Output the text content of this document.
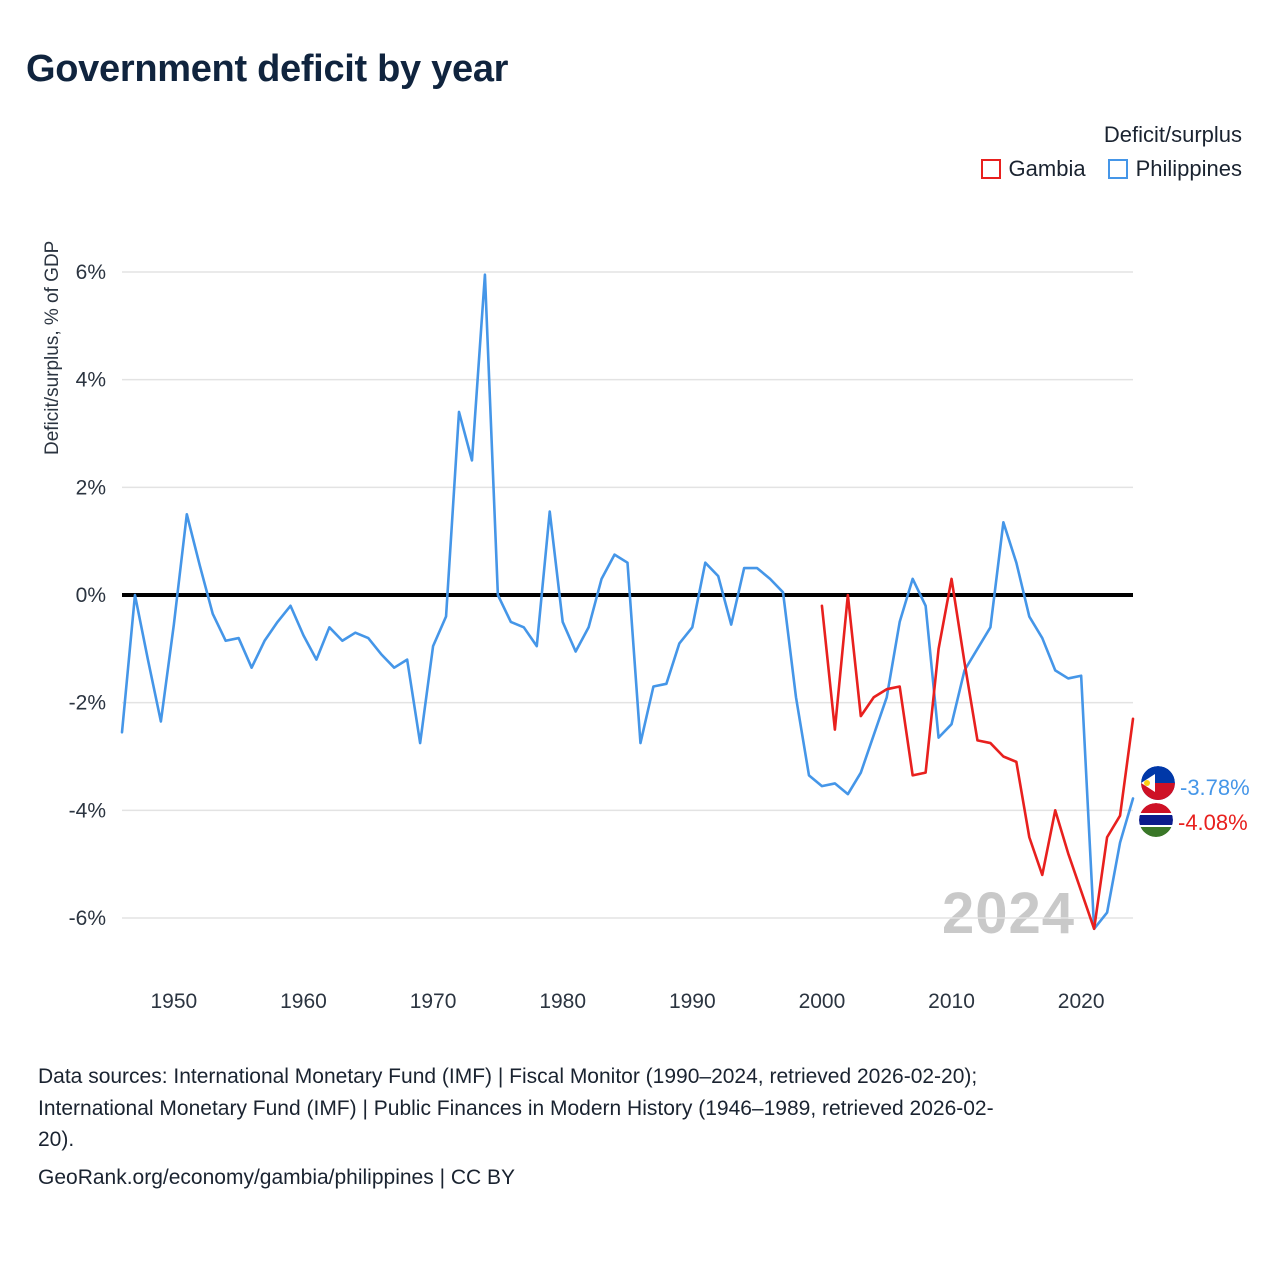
Government deficit by year
Deficit/surplus
Gambia Philippines
Deficit/surplus, % of GDP
2024
-6%
-4%
-2%
0%
2%
4%
6%
1950	1960	1970	1980	1990	2000	2010	2020
-3.78%
-4.08%
Data sources: International Monetary Fund (IMF) | Fiscal Monitor (1990–2024, retrieved 2026-02-20);
International Monetary Fund (IMF) | Public Finances in Modern History (1946–1989, retrieved 2026-02-
20).
GeoRank.org/economy/gambia/philippines | CC BY
